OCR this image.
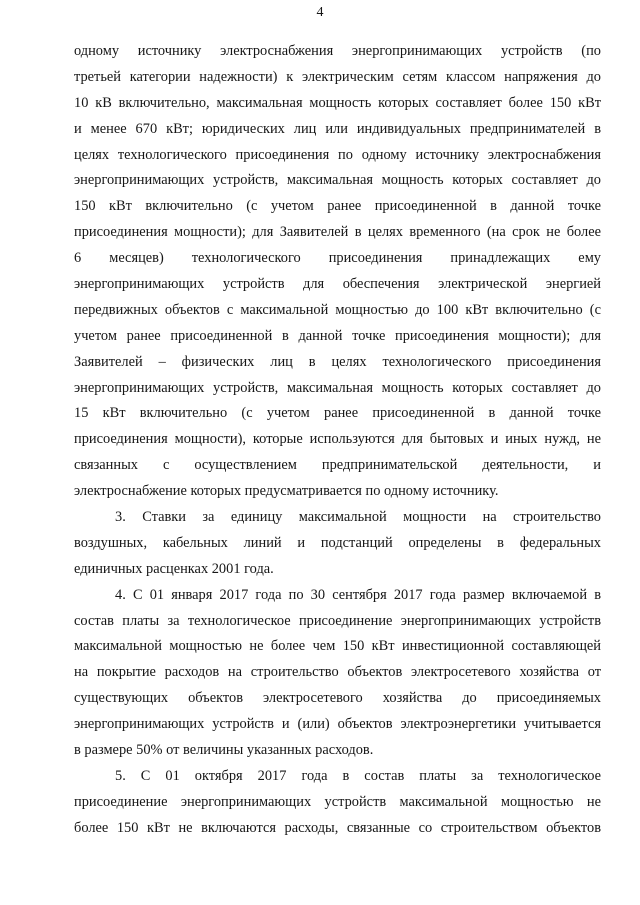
4
одному источнику электроснабжения энергопринимающих устройств (по
третьей категории надежности) к электрическим сетям классом напряжения до
10 кВ включительно, максимальная мощность которых составляет более 150 кВт
и менее 670 кВт; юридических лиц или индивидуальных предпринимателей в
целях технологического присоединения по одному источнику электроснабжения
энергопринимающих устройств, максимальная мощность которых составляет до
150 кВт включительно (с учетом ранее присоединенной в данной точке
присоединения мощности); для Заявителей в целях временного (на срок не более
6 месяцев) технологического присоединения принадлежащих ему
энергопринимающих устройств для обеспечения электрической энергией
передвижных объектов с максимальной мощностью до 100 кВт включительно (с
учетом ранее присоединенной в данной точке присоединения мощности); для
Заявителей – физических лиц в целях технологического присоединения
энергопринимающих устройств, максимальная мощность которых составляет до
15 кВт включительно (с учетом ранее присоединенной в данной точке
присоединения мощности), которые используются для бытовых и иных нужд, не
связанных с осуществлением предпринимательской деятельности, и
электроснабжение которых предусматривается по одному источнику.
3. Ставки за единицу максимальной мощности на строительство
воздушных, кабельных линий и подстанций определены в федеральных
единичных расценках 2001 года.
4. С 01 января 2017 года по 30 сентября 2017 года размер включаемой в
состав платы за технологическое присоединение энергопринимающих устройств
максимальной мощностью не более чем 150 кВт инвестиционной составляющей
на покрытие расходов на строительство объектов электросетевого хозяйства от
существующих объектов электросетевого хозяйства до присоединяемых
энергопринимающих устройств и (или) объектов электроэнергетики учитывается
в размере 50% от величины указанных расходов.
5. С 01 октября 2017 года в состав платы за технологическое
присоединение энергопринимающих устройств максимальной мощностью не
более 150 кВт не включаются расходы, связанные со строительством объектов
